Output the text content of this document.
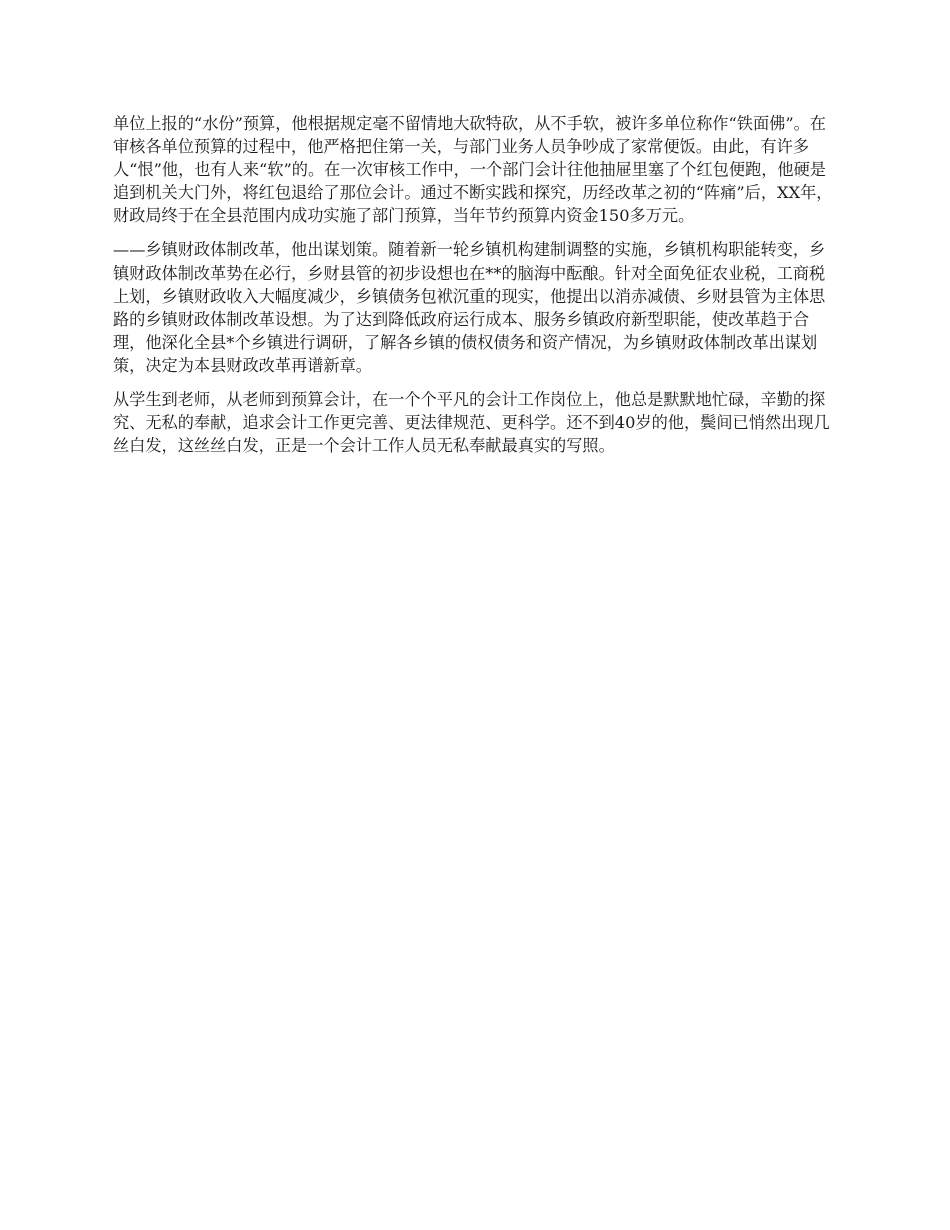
单位上报的“水份”预算，他根据规定毫不留情地大砍特砍，从不手软，被许多单位称作“铁面佛”。在审核各单位预算的过程中，他严格把住第一关，与部门业务人员争吵成了家常便饭。由此，有许多人“恨”他，也有人来“软”的。在一次审核工作中，一个部门会计往他抽屉里塞了个红包便跑，他硬是追到机关大门外，将红包退给了那位会计。通过不断实践和探究，历经改革之初的“阵痛”后，XX年，财政局终于在全县范围内成功实施了部门预算，当年节约预算内资金150多万元。

——乡镇财政体制改革，他出谋划策。随着新一轮乡镇机构建制调整的实施，乡镇机构职能转变，乡镇财政体制改革势在必行，乡财县管的初步设想也在**的脑海中酝酿。针对全面免征农业税，工商税上划，乡镇财政收入大幅度减少，乡镇债务包袱沉重的现实，他提出以消赤减债、乡财县管为主体思路的乡镇财政体制改革设想。为了达到降低政府运行成本、服务乡镇政府新型职能，使改革趋于合理，他深化全县*个乡镇进行调研，了解各乡镇的债权债务和资产情况，为乡镇财政体制改革出谋划策，决定为本县财政改革再谱新章。

从学生到老师，从老师到预算会计，在一个个平凡的会计工作岗位上，他总是默默地忙碌，辛勤的探究、无私的奉献，追求会计工作更完善、更法律规范、更科学。还不到40岁的他，鬓间已悄然出现几丝白发，这丝丝白发，正是一个会计工作人员无私奉献最真实的写照。
